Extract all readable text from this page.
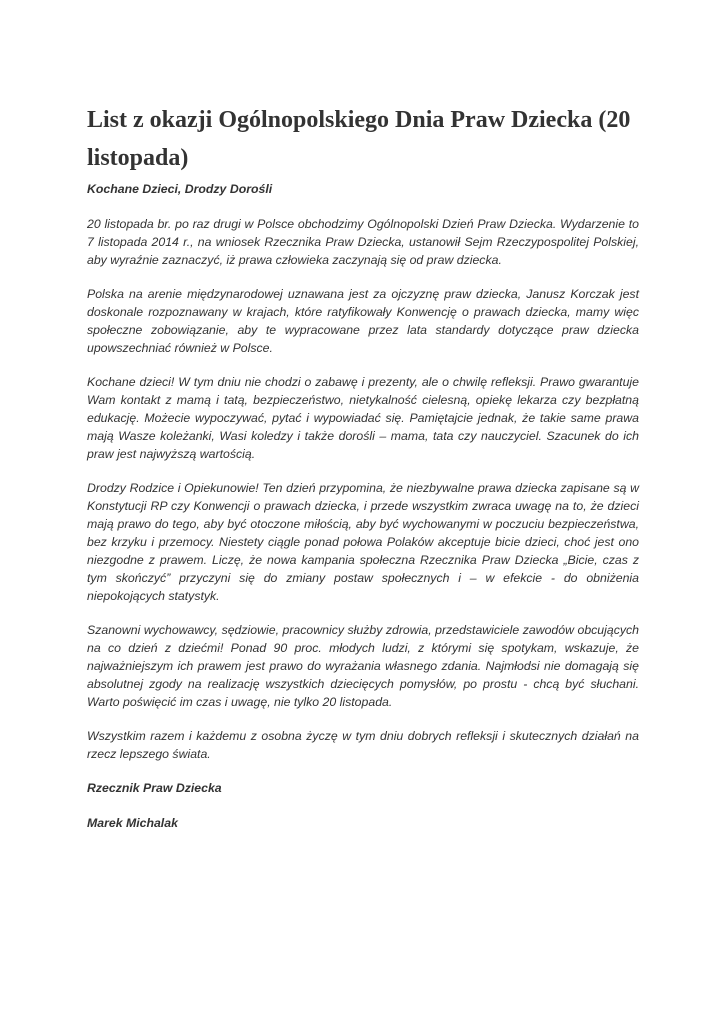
List z okazji Ogólnopolskiego Dnia Praw Dziecka (20 listopada)

Kochane Dzieci, Drodzy Dorośli

20 listopada br. po raz drugi w Polsce obchodzimy Ogólnopolski Dzień Praw Dziecka. Wydarzenie to 7 listopada 2014 r., na wniosek Rzecznika Praw Dziecka, ustanowił Sejm Rzeczypospolitej Polskiej, aby wyraźnie zaznaczyć, iż prawa człowieka zaczynają się od praw dziecka.

Polska na arenie międzynarodowej uznawana jest za ojczyznę praw dziecka, Janusz Korczak jest doskonale rozpoznawany w krajach, które ratyfikowały Konwencję o prawach dziecka, mamy więc społeczne zobowiązanie, aby te wypracowane przez lata standardy dotyczące praw dziecka upowszechniać również w Polsce.

Kochane dzieci! W tym dniu nie chodzi o zabawę i prezenty, ale o chwilę refleksji. Prawo gwarantuje Wam kontakt z mamą i tatą, bezpieczeństwo, nietykalność cielesną, opiekę lekarza czy bezpłatną edukację. Możecie wypoczywać, pytać i wypowiadać się. Pamiętajcie jednak, że takie same prawa mają Wasze koleżanki, Wasi koledzy i także dorośli – mama, tata czy nauczyciel. Szacunek do ich praw jest najwyższą wartością.

Drodzy Rodzice i Opiekunowie! Ten dzień przypomina, że niezbywalne prawa dziecka zapisane są w Konstytucji RP czy Konwencji o prawach dziecka, i przede wszystkim zwraca uwagę na to, że dzieci mają prawo do tego, aby być otoczone miłością, aby być wychowanymi w poczuciu bezpieczeństwa, bez krzyku i przemocy. Niestety ciągle ponad połowa Polaków akceptuje bicie dzieci, choć jest ono niezgodne z prawem. Liczę, że nowa kampania społeczna Rzecznika Praw Dziecka „Bicie, czas z tym skończyć” przyczyni się do zmiany postaw społecznych i – w efekcie - do obniżenia niepokojących statystyk.

Szanowni wychowawcy, sędziowie, pracownicy służby zdrowia, przedstawiciele zawodów obcujących na co dzień z dziećmi! Ponad 90 proc. młodych ludzi, z którymi się spotykam, wskazuje, że najważniejszym ich prawem jest prawo do wyrażania własnego zdania. Najmłodsi nie domagają się absolutnej zgody na realizację wszystkich dziecięcych pomysłów, po prostu - chcą być słuchani. Warto poświęcić im czas i uwagę, nie tylko 20 listopada.

Wszystkim razem i każdemu z osobna życzę w tym dniu dobrych refleksji i skutecznych działań na rzecz lepszego świata.

Rzecznik Praw Dziecka

Marek Michalak
